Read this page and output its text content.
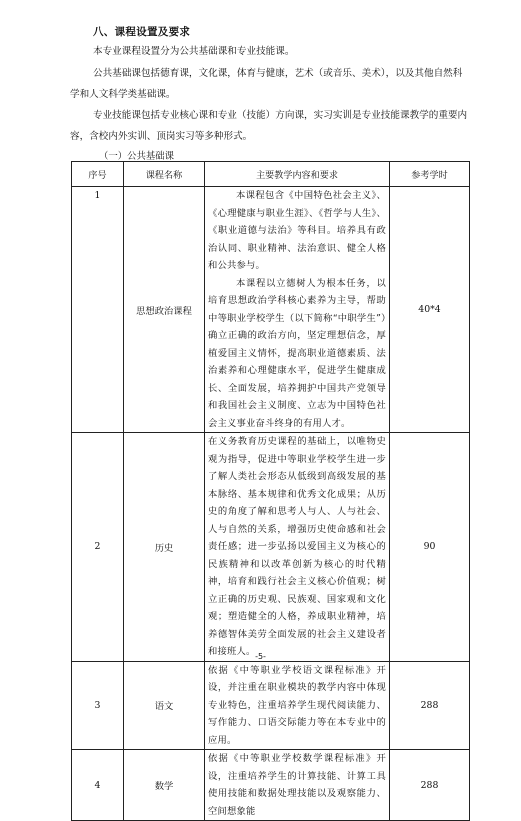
八、课程设置及要求

本专业课程设置分为公共基础课和专业技能课。

公共基础课包括德育课，文化课，体育与健康，艺术（或音乐、美术），以及其他自然科学和人文科学类基础课。

专业技能课包括专业核心课和专业（技能）方向课，实习实训是专业技能课教学的重要内容，含校内外实训、顶岗实习等多种形式。

（一）公共基础课
序号	课程名称	主要教学内容和要求	参考学时
1	思想政治课程	本课程包含《中国特色社会主义》、《心理健康与职业生涯》、《哲学与人生》、《职业道德与法治》等科目。培养具有政治认同、职业精神、法治意识、健全人格和公共参与。

本课程以立德树人为根本任务，以培育思想政治学科核心素养为主导，帮助中等职业学校学生（以下简称“中职学生”）确立正确的政治方向，坚定理想信念，厚植爱国主义情怀，提高职业道德素质、法治素养和心理健康水平，促进学生健康成长、全面发展，培养拥护中国共产党领导和我国社会主义制度、立志为中国特色社会主义事业奋斗终身的有用人才。	40*4
2	历史	在义务教育历史课程的基础上，以唯物史观为指导，促进中等职业学校学生进一步了解人类社会形态从低级到高级发展的基本脉络、基本规律和优秀文化成果；从历史的角度了解和思考人与人、人与社会、人与自然的关系，增强历史使命感和社会责任感；进一步弘扬以爱国主义为核心的民族精神和以改革创新为核心的时代精神，培育和践行社会主义核心价值观；树立正确的历史观、民族观、国家观和文化观；塑造健全的人格，养成职业精神，培养德智体美劳全面发展的社会主义建设者和接班人。	90
3	语文	依据《中等职业学校语文课程标准》开设，并注重在职业模块的教学内容中体现专业特色，注重培养学生现代阅读能力、写作能力、口语交际能力等在本专业中的应用。	288
4	数学	依据《中等职业学校数学课程标准》开设，注重培养学生的计算技能、计算工具使用技能和数据处理技能以及观察能力、空间想象能	288
-5-
